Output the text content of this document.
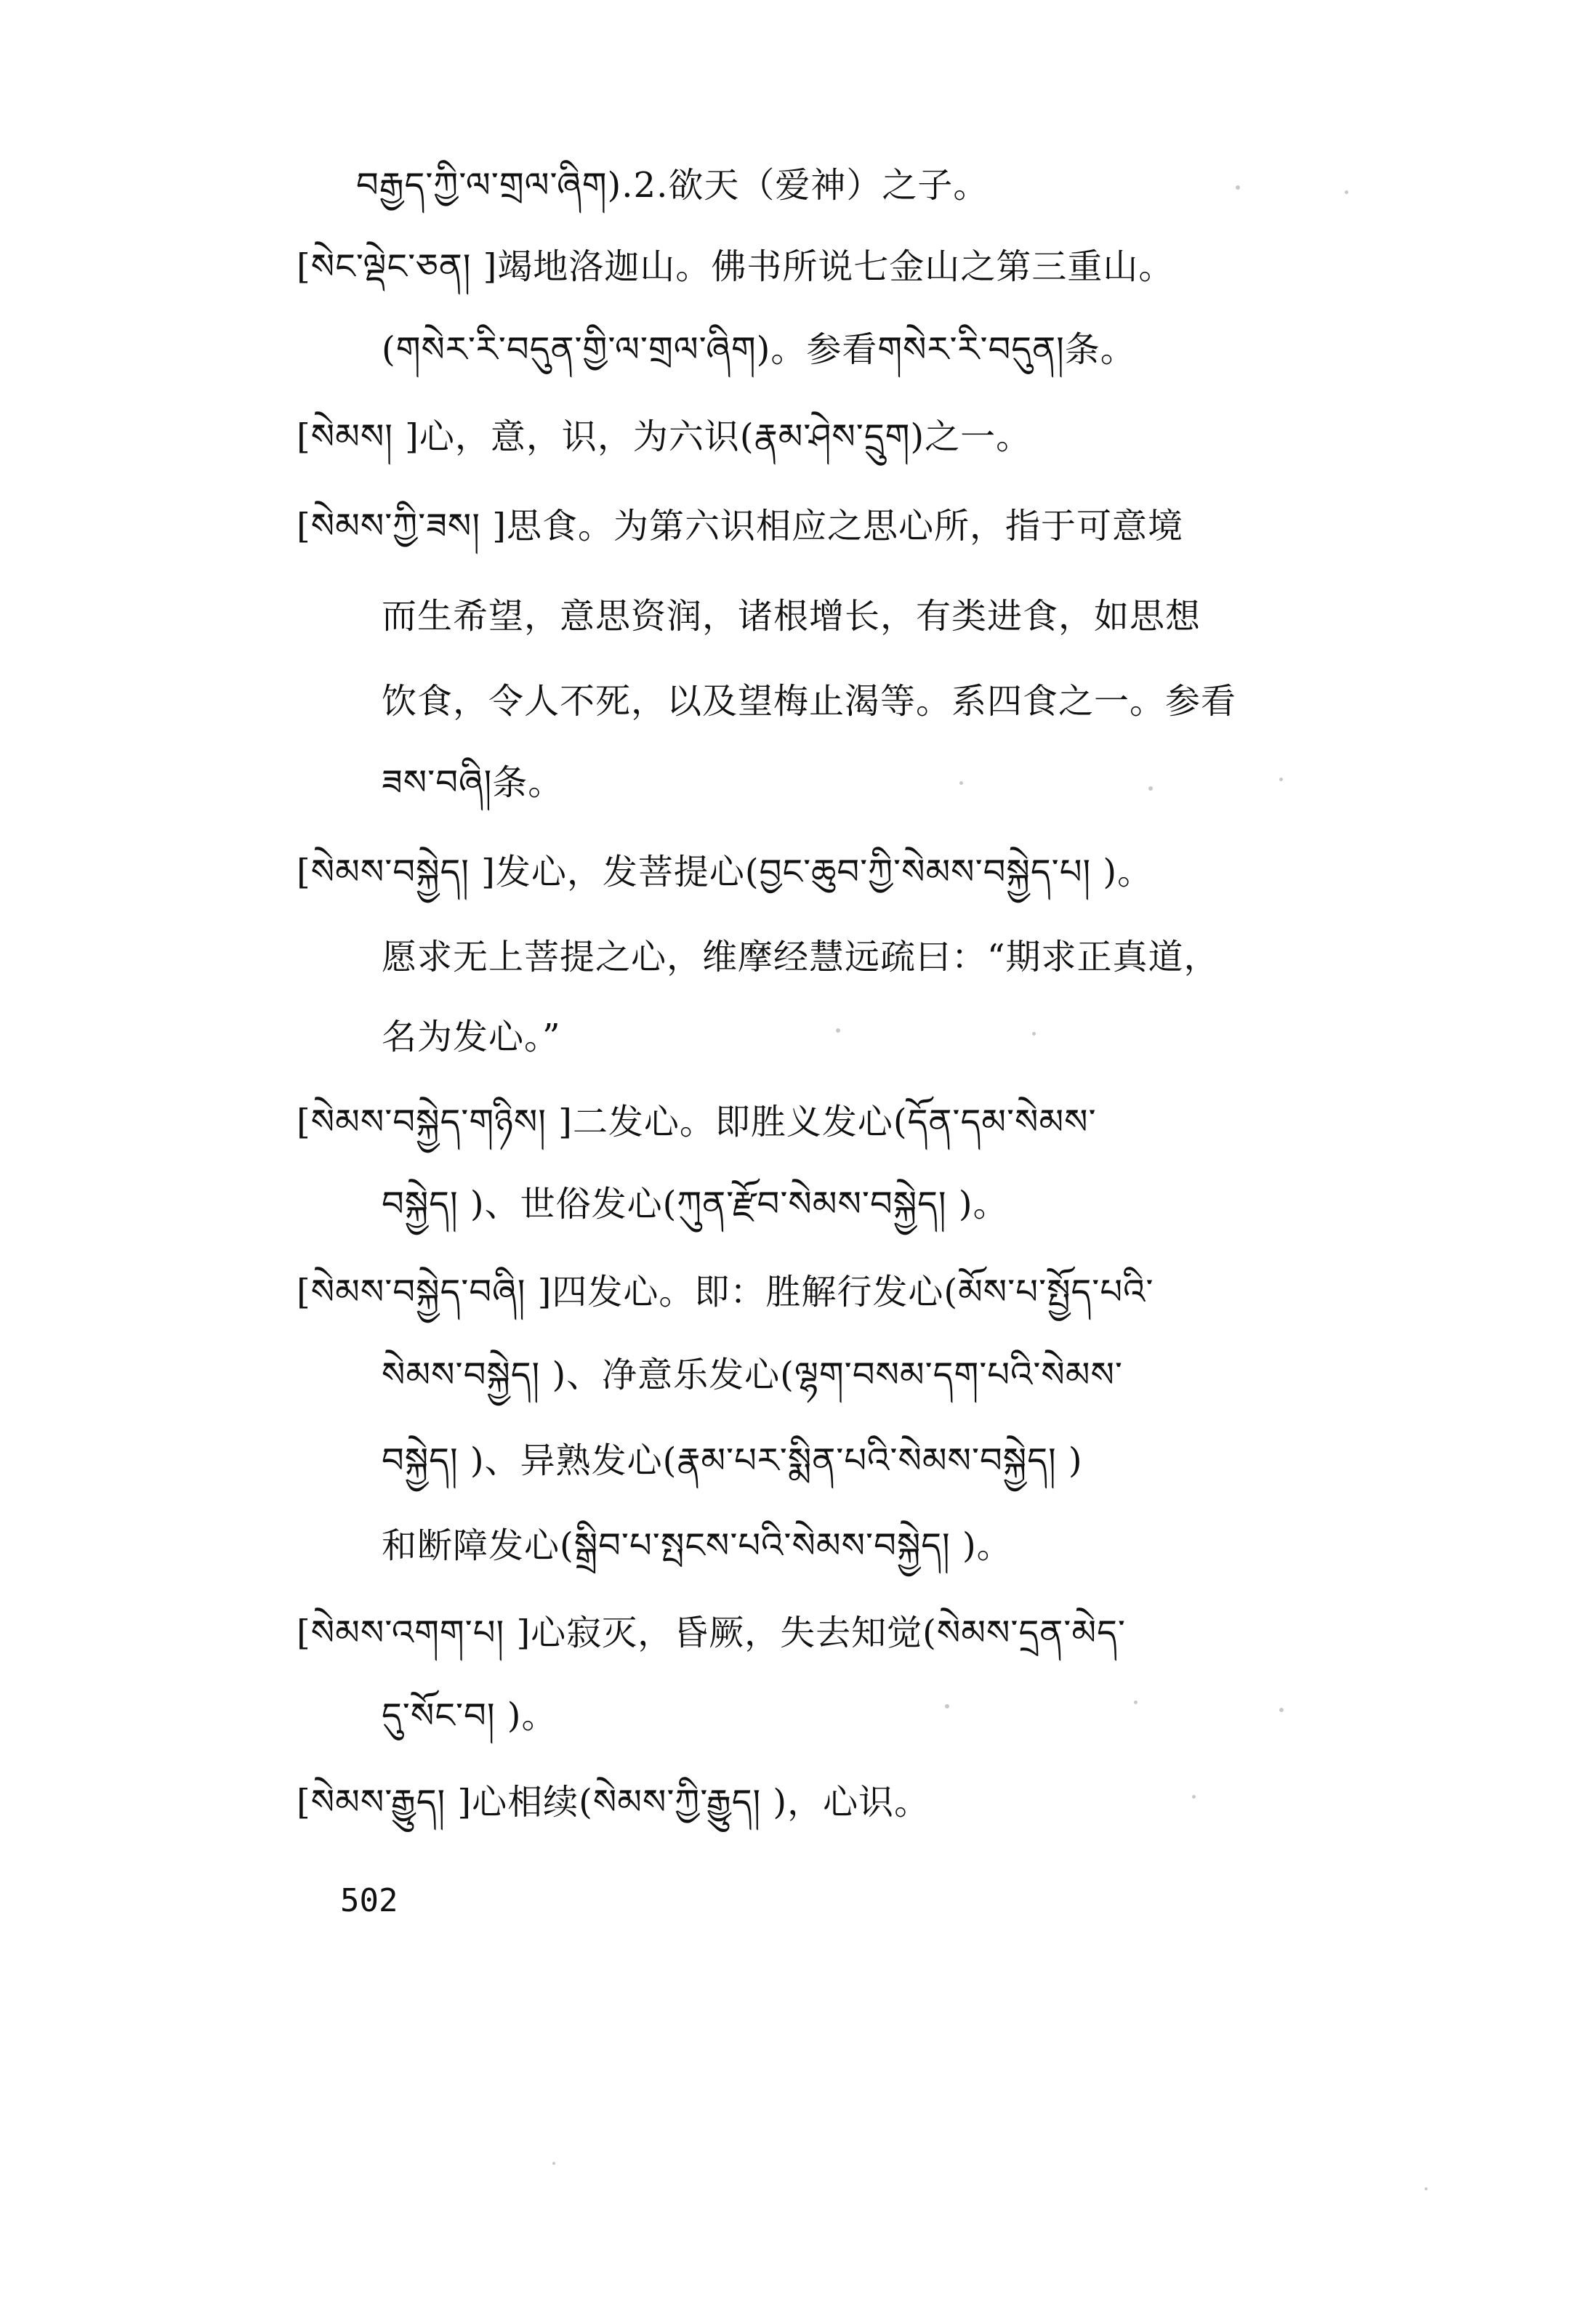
བརྒྱད་ཀྱི་ལ་གྲལ་ཞིག).2.欲天（爱神）之子。
[སེང་ལྡེང་ཅན། ]竭地洛迦山。佛书所说七金山之第三重山。
(གསེར་རི་བདུན་གྱི་ལ་གྲལ་ཞིག)。参看གསེར་རི་བདུན།条。
[སེམས། ]心，意，识，为六识(རྣམ་ཤེས་དྲུག)之一。
[སེམས་ཀྱི་ཟས། ]思食。为第六识相应之思心所，指于可意境
而生希望，意思资润，诸根增长，有类进食，如思想
饮食，令人不死，以及望梅止渴等。系四食之一。参看
ཟས་བཞི།条。
[སེམས་བསྐྱེད། ]发心，发菩提心(བྱང་ཆུབ་ཀྱི་སེམས་བསྐྱེད་པ། )。
愿求无上菩提之心，维摩经慧远疏曰：“期求正真道，
名为发心。”
[སེམས་བསྐྱེད་གཉིས། ]二发心。即胜义发心(དོན་དམ་སེམས་
བསྐྱེད། )、世俗发心(ཀུན་རྫོབ་སེམས་བསྐྱེད། )。
[སེམས་བསྐྱེད་བཞི། ]四发心。即：胜解行发心(མོས་པ་སྤྱོད་པའི་
སེམས་བསྐྱེད། )、净意乐发心(ལྷག་བསམ་དག་པའི་སེམས་
བསྐྱེད། )、异熟发心(རྣམ་པར་སྨིན་པའི་སེམས་བསྐྱེད། )
和断障发心(སྒྲིབ་པ་སྤངས་པའི་སེམས་བསྐྱེད། )。
[སེམས་འགག་པ། ]心寂灭，昏厥，失去知觉(སེམས་དྲན་མེད་
དུ་སོང་བ། )。
[སེམས་རྒྱུད། ]心相续(སེམས་ཀྱི་རྒྱུད། )，心识。
502
